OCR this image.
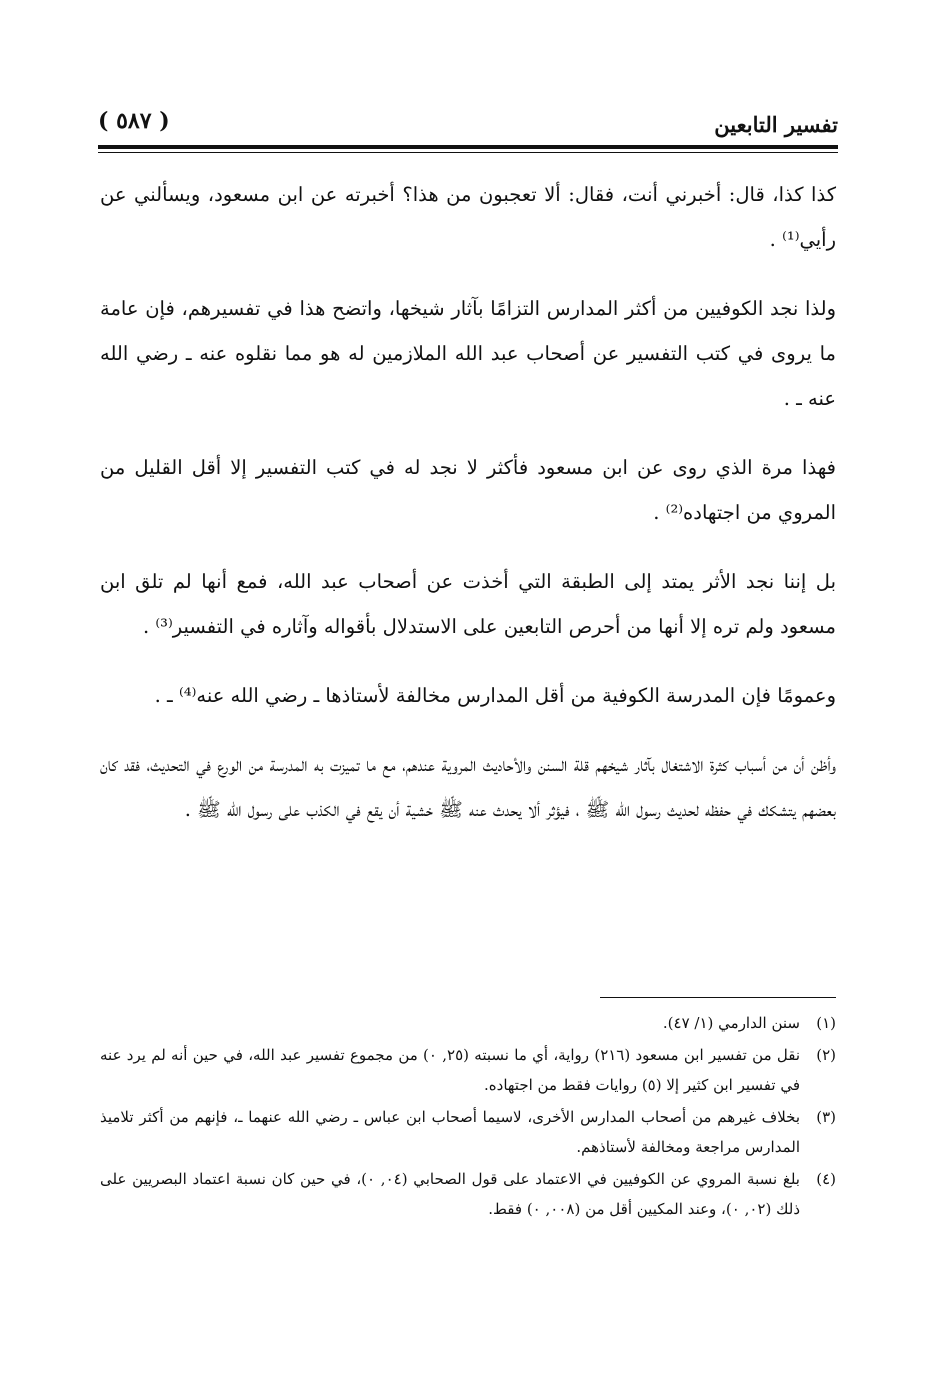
تفسير التابعين
( ٥٨٧ )

كذا كذا، قال: أخبرني أنت، فقال: ألا تعجبون من هذا؟ أخبرته عن ابن مسعود، ويسألني عن رأيي⁽¹⁾ .

ولذا نجد الكوفيين من أكثر المدارس التزامًا بآثار شيخها، واتضح هذا في تفسيرهم، فإن عامة ما يروى في كتب التفسير عن أصحاب عبد الله الملازمين له هو مما نقلوه عنه ـ رضي الله عنه ـ .

فهذا مرة الذي روى عن ابن مسعود فأكثر لا نجد له في كتب التفسير إلا أقل القليل من المروي من اجتهاده⁽²⁾ .

بل إننا نجد الأثر يمتد إلى الطبقة التي أخذت عن أصحاب عبد الله، فمع أنها لم تلق ابن مسعود ولم تره إلا أنها من أحرص التابعين على الاستدلال بأقواله وآثاره في التفسير⁽³⁾ .

وعمومًا فإن المدرسة الكوفية من أقل المدارس مخالفة لأستاذها ـ رضي الله عنه⁽⁴⁾ ـ .

وأظن أن من أسباب كثرة الاشتغال بآثار شيخهم قلة السنن والأحاديث المروية عندهم، مع ما تميزت به المدرسة من الورع في التحديث، فقد كان بعضهم يتشكك في حفظه لحديث رسول الله ﷺ ، فيؤثر ألا يحدث عنه ﷺ خشية أن يقع في الكذب على رسول الله ﷺ .

(١)
سنن الدارمي (١/ ٤٧).
(٢)
نقل من تفسير ابن مسعود (٢١٦) رواية، أي ما نسبته (٢٥, ٠) من مجموع تفسير عبد الله، في حين أنه لم يرد عنه في تفسير ابن كثير إلا (٥) روايات فقط من اجتهاده.
(٣)
بخلاف غيرهم من أصحاب المدارس الأخرى، لاسيما أصحاب ابن عباس ـ رضي الله عنهما ـ، فإنهم من أكثر تلاميذ المدارس مراجعة ومخالفة لأستاذهم.
(٤)
بلغ نسبة المروي عن الكوفيين في الاعتماد على قول الصحابي (٠٤, ٠)، في حين كان نسبة اعتماد البصريين على ذلك (٠٢, ٠)، وعند المكيين أقل من (٠٠٨, ٠) فقط.
